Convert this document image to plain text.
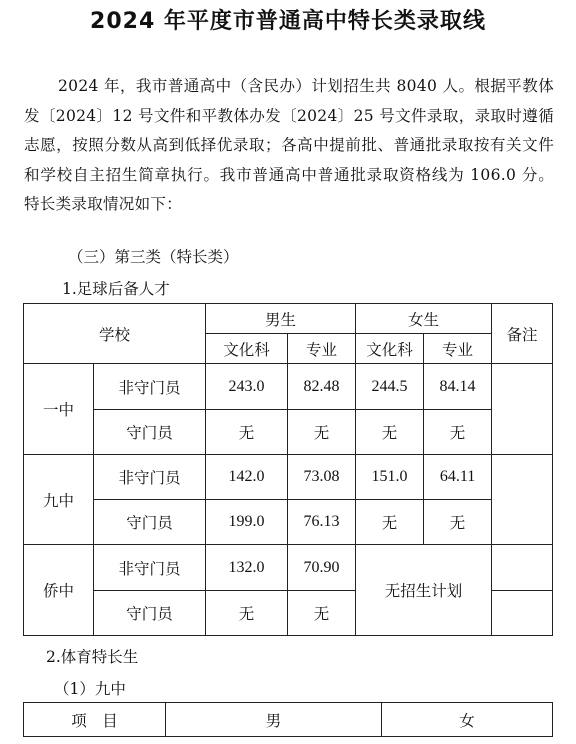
2024 年平度市普通高中特长类录取线
2024 年，我市普通高中（含民办）计划招生共 8040 人。根据平教体发〔2024〕12 号文件和平教体办发〔2024〕25 号文件录取，录取时遵循志愿，按照分数从高到低择优录取；各高中提前批、普通批录取按有关文件和学校自主招生简章执行。我市普通高中普通批录取资格线为 106.0 分。特长类录取情况如下：
（三）第三类（特长类）
1.足球后备人才
学校		男生		女生		备注
		文化科	专业	文化科	专业	
一中	非守门员	243.0	82.48	244.5	84.14	
	守门员	无	无	无	无	
九中	非守门员	142.0	73.08	151.0	64.11	
	守门员	199.0	76.13	无	无	
侨中	非守门员	132.0	70.90	无招生计划		
	守门员	无	无			
2.体育特长生
（1）九中
项　目	男	女
